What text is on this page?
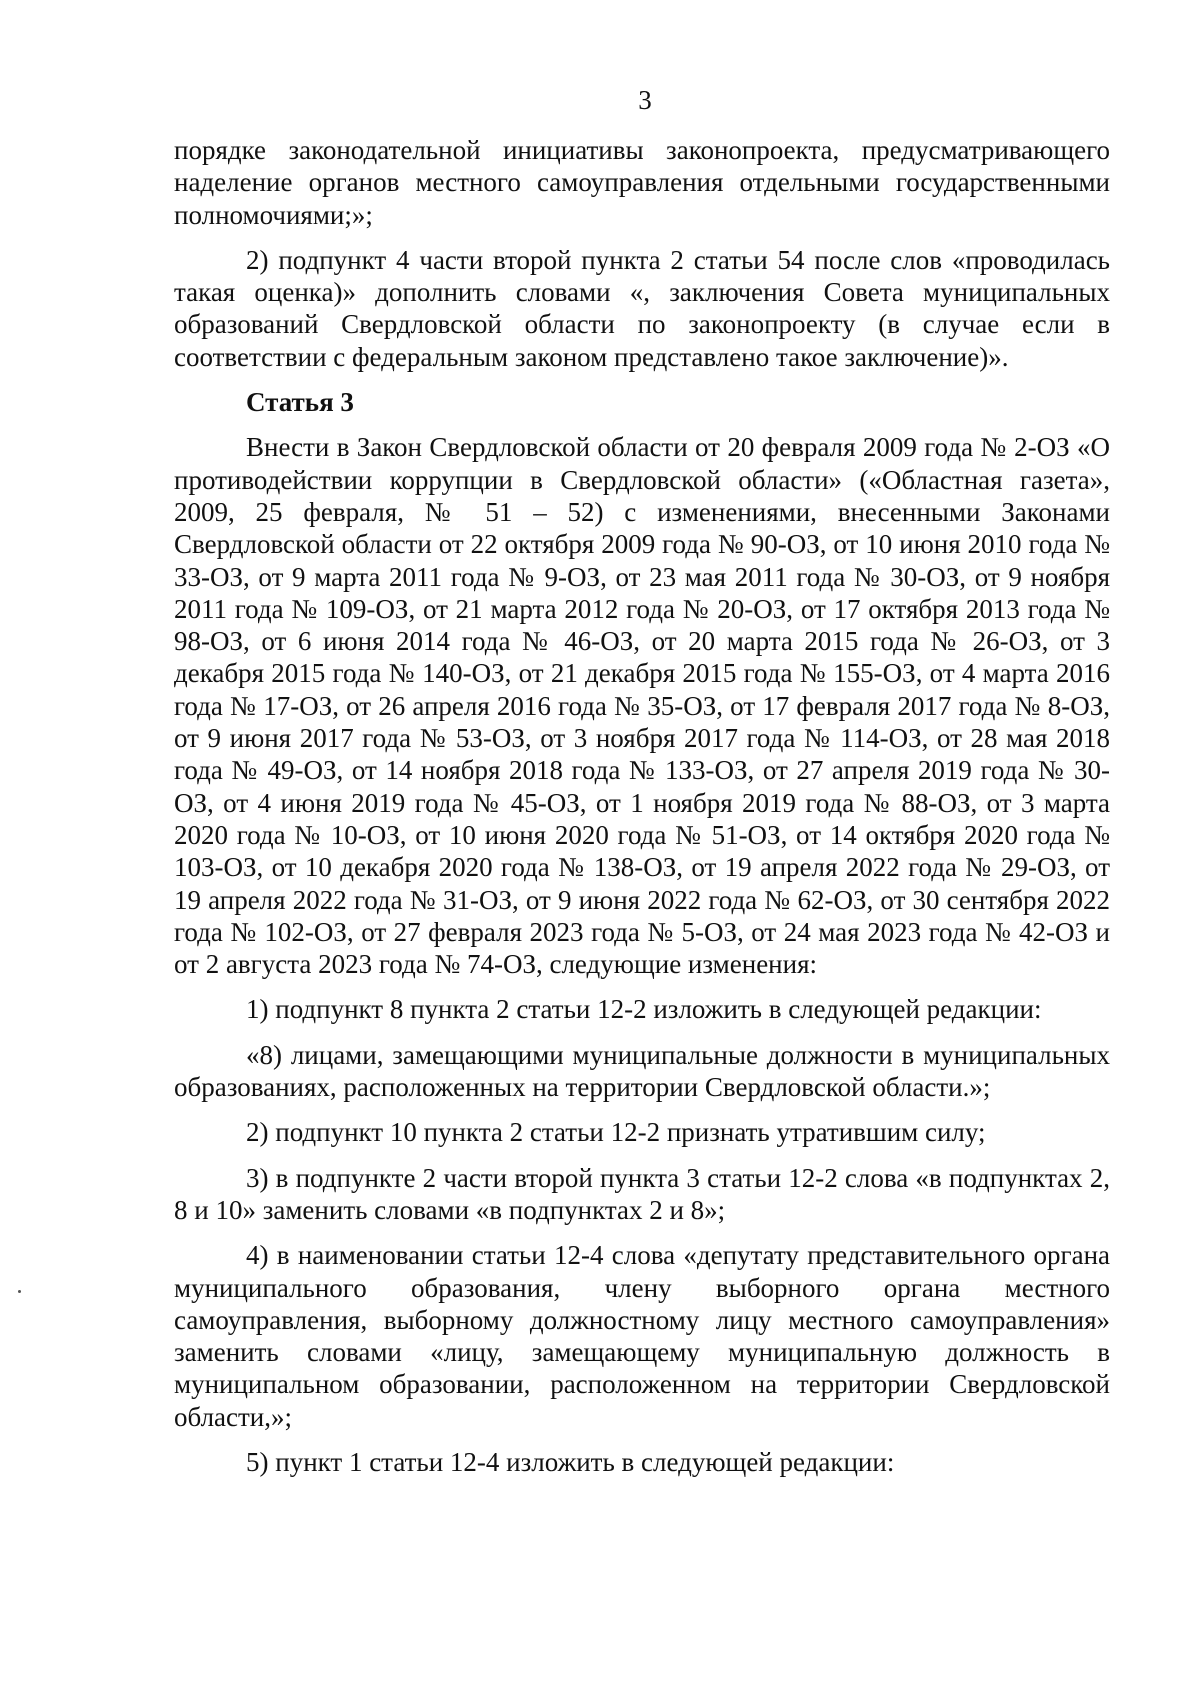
3

порядке законодательной инициативы законопроекта, предусматривающего наделение органов местного самоуправления отдельными государственными полномочиями;»;

2) подпункт 4 части второй пункта 2 статьи 54 после слов «проводилась такая оценка)» дополнить словами «, заключения Совета муниципальных образований Свердловской области по законопроекту (в случае если в соответствии с федеральным законом представлено такое заключение)».

Статья 3

Внести в Закон Свердловской области от 20 февраля 2009 года № 2-ОЗ «О противодействии коррупции в Свердловской области» («Областная газета», 2009, 25 февраля, № 51 – 52) с изменениями, внесенными Законами Свердловской области от 22 октября 2009 года № 90-ОЗ, от 10 июня 2010 года № 33-ОЗ, от 9 марта 2011 года № 9-ОЗ, от 23 мая 2011 года № 30-ОЗ, от 9 ноября 2011 года № 109-ОЗ, от 21 марта 2012 года № 20-ОЗ, от 17 октября 2013 года № 98-ОЗ, от 6 июня 2014 года № 46-ОЗ, от 20 марта 2015 года № 26-ОЗ, от 3 декабря 2015 года № 140-ОЗ, от 21 декабря 2015 года № 155-ОЗ, от 4 марта 2016 года № 17-ОЗ, от 26 апреля 2016 года № 35-ОЗ, от 17 февраля 2017 года № 8-ОЗ, от 9 июня 2017 года № 53-ОЗ, от 3 ноября 2017 года № 114-ОЗ, от 28 мая 2018 года № 49-ОЗ, от 14 ноября 2018 года № 133-ОЗ, от 27 апреля 2019 года № 30-ОЗ, от 4 июня 2019 года № 45-ОЗ, от 1 ноября 2019 года № 88-ОЗ, от 3 марта 2020 года № 10-ОЗ, от 10 июня 2020 года № 51-ОЗ, от 14 октября 2020 года № 103-ОЗ, от 10 декабря 2020 года № 138-ОЗ, от 19 апреля 2022 года № 29-ОЗ, от 19 апреля 2022 года № 31-ОЗ, от 9 июня 2022 года № 62-ОЗ, от 30 сентября 2022 года № 102-ОЗ, от 27 февраля 2023 года № 5-ОЗ, от 24 мая 2023 года № 42-ОЗ и от 2 августа 2023 года № 74-ОЗ, следующие изменения:

1) подпункт 8 пункта 2 статьи 12-2 изложить в следующей редакции:

«8) лицами, замещающими муниципальные должности в муниципальных образованиях, расположенных на территории Свердловской области.»;

2) подпункт 10 пункта 2 статьи 12-2 признать утратившим силу;

3) в подпункте 2 части второй пункта 3 статьи 12-2 слова «в подпунктах 2, 8 и 10» заменить словами «в подпунктах 2 и 8»;

4) в наименовании статьи 12-4 слова «депутату представительного органа муниципального образования, члену выборного органа местного самоуправления, выборному должностному лицу местного самоуправления» заменить словами «лицу, замещающему муниципальную должность в муниципальном образовании, расположенном на территории Свердловской области,»;

5) пункт 1 статьи 12-4 изложить в следующей редакции:
